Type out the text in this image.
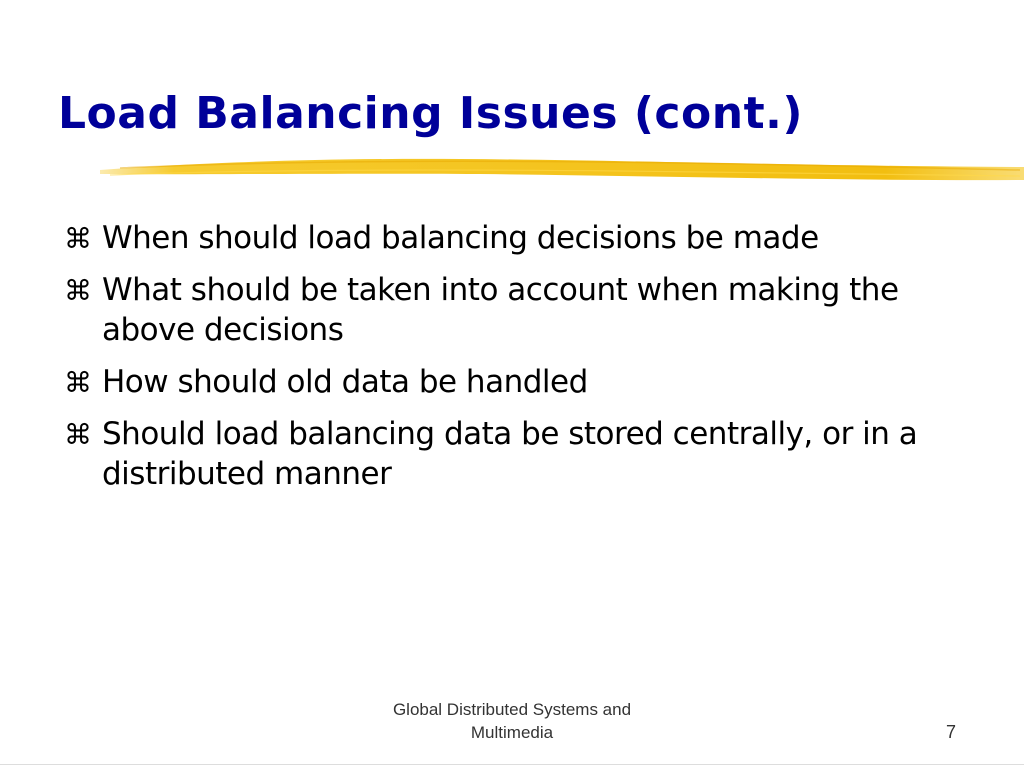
Load Balancing Issues (cont.)
⌘ When should load balancing decisions be made
⌘ What should be taken into account when making the above decisions
⌘ How should old data be handled
⌘ Should load balancing data be stored centrally, or in a distributed manner
Global Distributed Systems and
Multimedia	7
